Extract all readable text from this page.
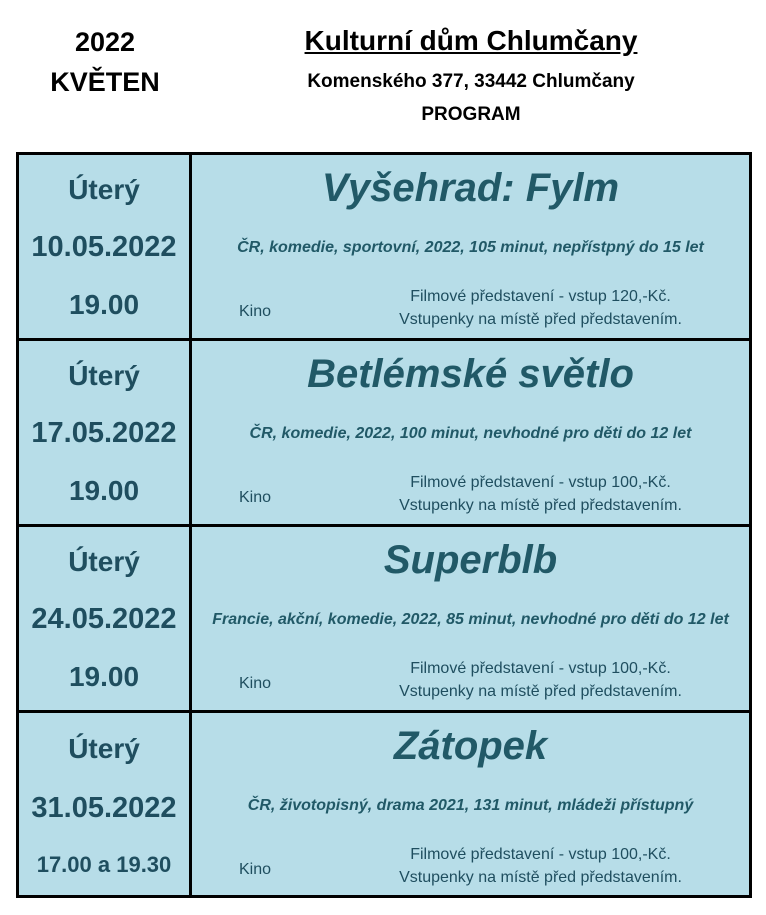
2022
KVĚTEN
Kulturní dům Chlumčany
Komenského 377, 33442 Chlumčany
PROGRAM
Úterý
10.05.2022
19.00
Vyšehrad: Fylm
ČR, komedie, sportovní, 2022, 105 minut, nepřístpný do 15 let
Kino
Filmové představení - vstup 120,-Kč.
Vstupenky na místě před představením.
Úterý
17.05.2022
19.00
Betlémské světlo
ČR, komedie, 2022, 100 minut, nevhodné pro děti do 12 let
Kino
Filmové představení - vstup 100,-Kč.
Vstupenky na místě před představením.
Úterý
24.05.2022
19.00
Superblb
Francie, akční, komedie, 2022, 85 minut, nevhodné pro děti do 12 let
Kino
Filmové představení - vstup 100,-Kč.
Vstupenky na místě před představením.
Úterý
31.05.2022
17.00 a 19.30
Zátopek
ČR, životopisný, drama 2021, 131 minut, mládeži přístupný
Kino
Filmové představení - vstup 100,-Kč.
Vstupenky na místě před představením.
